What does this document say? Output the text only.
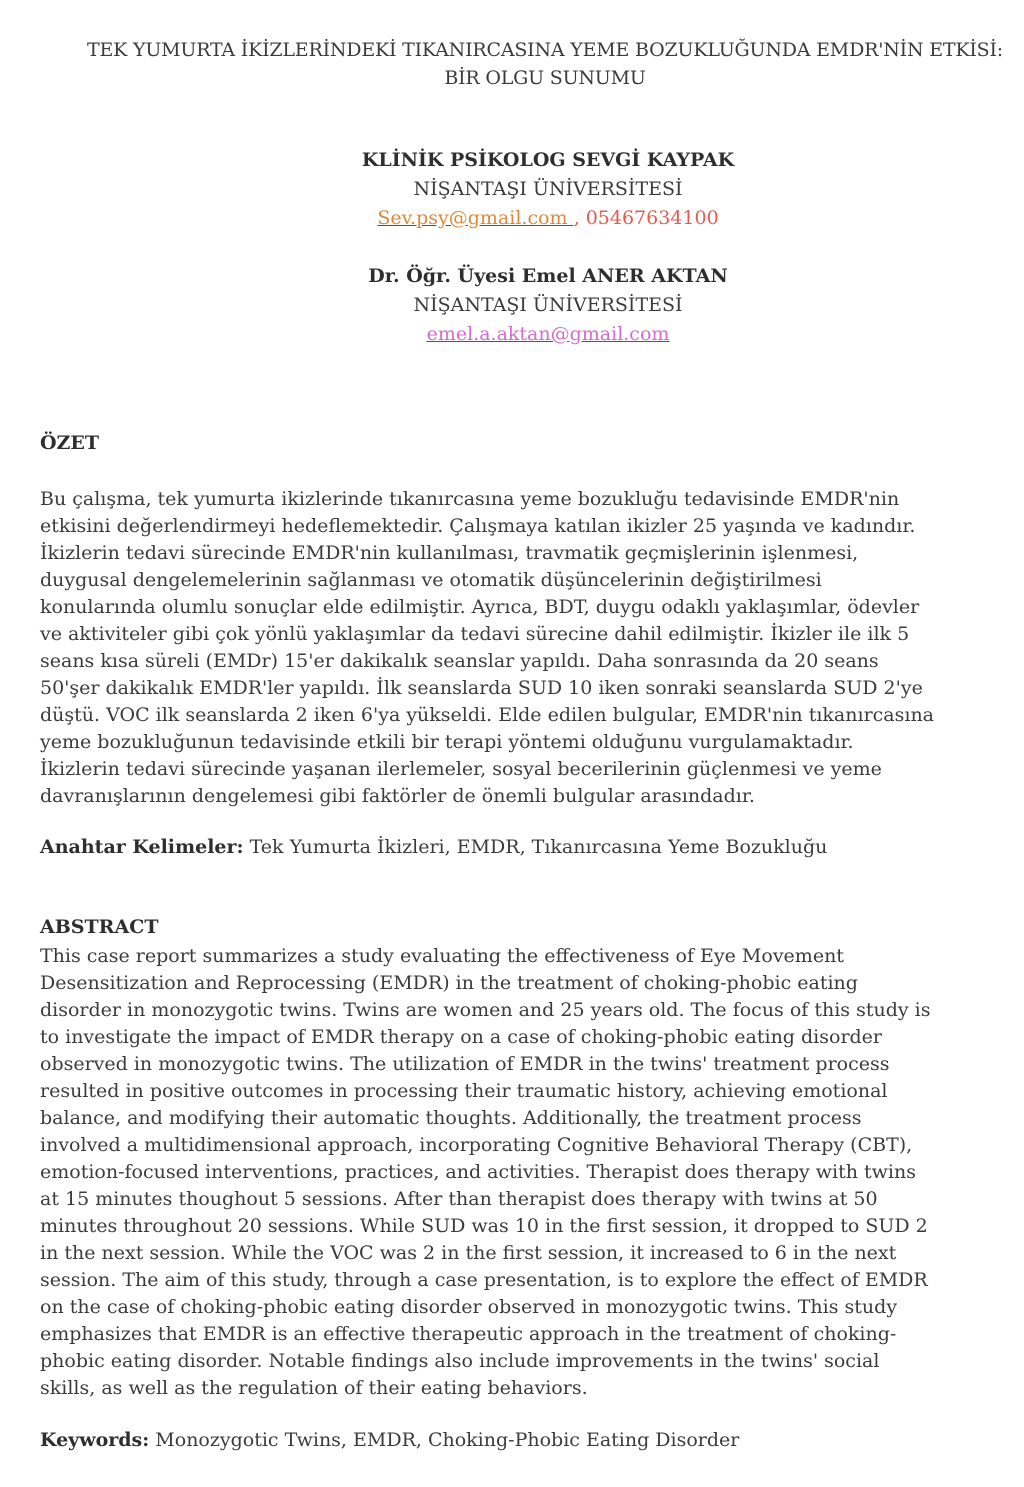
TEK YUMURTA İKİZLERİNDEKİ TIKANIRCASINA YEME BOZUKLUĞUNDA EMDR'NİN ETKİSİ:
BİR OLGU SUNUMU
KLİNİK PSİKOLOG SEVGİ KAYPAK
NİŞANTAŞI ÜNİVERSİTESİ
Sev.psy@gmail.com , 05467634100
Dr. Öğr. Üyesi Emel ANER AKTAN
NİŞANTAŞI ÜNİVERSİTESİ
emel.a.aktan@gmail.com
ÖZET
Bu çalışma, tek yumurta ikizlerinde tıkanırcasına yeme bozukluğu tedavisinde EMDR'nin
etkisini değerlendirmeyi hedeflemektedir. Çalışmaya katılan ikizler 25 yaşında ve kadındır.
İkizlerin tedavi sürecinde EMDR'nin kullanılması, travmatik geçmişlerinin işlenmesi,
duygusal dengelemelerinin sağlanması ve otomatik düşüncelerinin değiştirilmesi
konularında olumlu sonuçlar elde edilmiştir. Ayrıca, BDT, duygu odaklı yaklaşımlar, ödevler
ve aktiviteler gibi çok yönlü yaklaşımlar da tedavi sürecine dahil edilmiştir. İkizler ile ilk 5
seans kısa süreli (EMDr) 15'er dakikalık seanslar yapıldı. Daha sonrasında da 20 seans
50'şer dakikalık EMDR'ler yapıldı. İlk seanslarda SUD 10 iken sonraki seanslarda SUD 2'ye
düştü. VOC ilk seanslarda 2 iken 6'ya yükseldi. Elde edilen bulgular, EMDR'nin tıkanırcasına
yeme bozukluğunun tedavisinde etkili bir terapi yöntemi olduğunu vurgulamaktadır.
İkizlerin tedavi sürecinde yaşanan ilerlemeler, sosyal becerilerinin güçlenmesi ve yeme
davranışlarının dengelemesi gibi faktörler de önemli bulgular arasındadır.
Anahtar Kelimeler: Tek Yumurta İkizleri, EMDR, Tıkanırcasına Yeme Bozukluğu
ABSTRACT
This case report summarizes a study evaluating the effectiveness of Eye Movement
Desensitization and Reprocessing (EMDR) in the treatment of choking-phobic eating
disorder in monozygotic twins. Twins are women and 25 years old. The focus of this study is
to investigate the impact of EMDR therapy on a case of choking-phobic eating disorder
observed in monozygotic twins. The utilization of EMDR in the twins' treatment process
resulted in positive outcomes in processing their traumatic history, achieving emotional
balance, and modifying their automatic thoughts. Additionally, the treatment process
involved a multidimensional approach, incorporating Cognitive Behavioral Therapy (CBT),
emotion-focused interventions, practices, and activities. Therapist does therapy with twins
at 15 minutes thoughout 5 sessions. After than therapist does therapy with twins at 50
minutes throughout 20 sessions. While SUD was 10 in the first session, it dropped to SUD 2
in the next session. While the VOC was 2 in the first session, it increased to 6 in the next
session. The aim of this study, through a case presentation, is to explore the effect of EMDR
on the case of choking-phobic eating disorder observed in monozygotic twins. This study
emphasizes that EMDR is an effective therapeutic approach in the treatment of choking-
phobic eating disorder. Notable findings also include improvements in the twins' social
skills, as well as the regulation of their eating behaviors.
Keywords: Monozygotic Twins, EMDR, Choking-Phobic Eating Disorder
